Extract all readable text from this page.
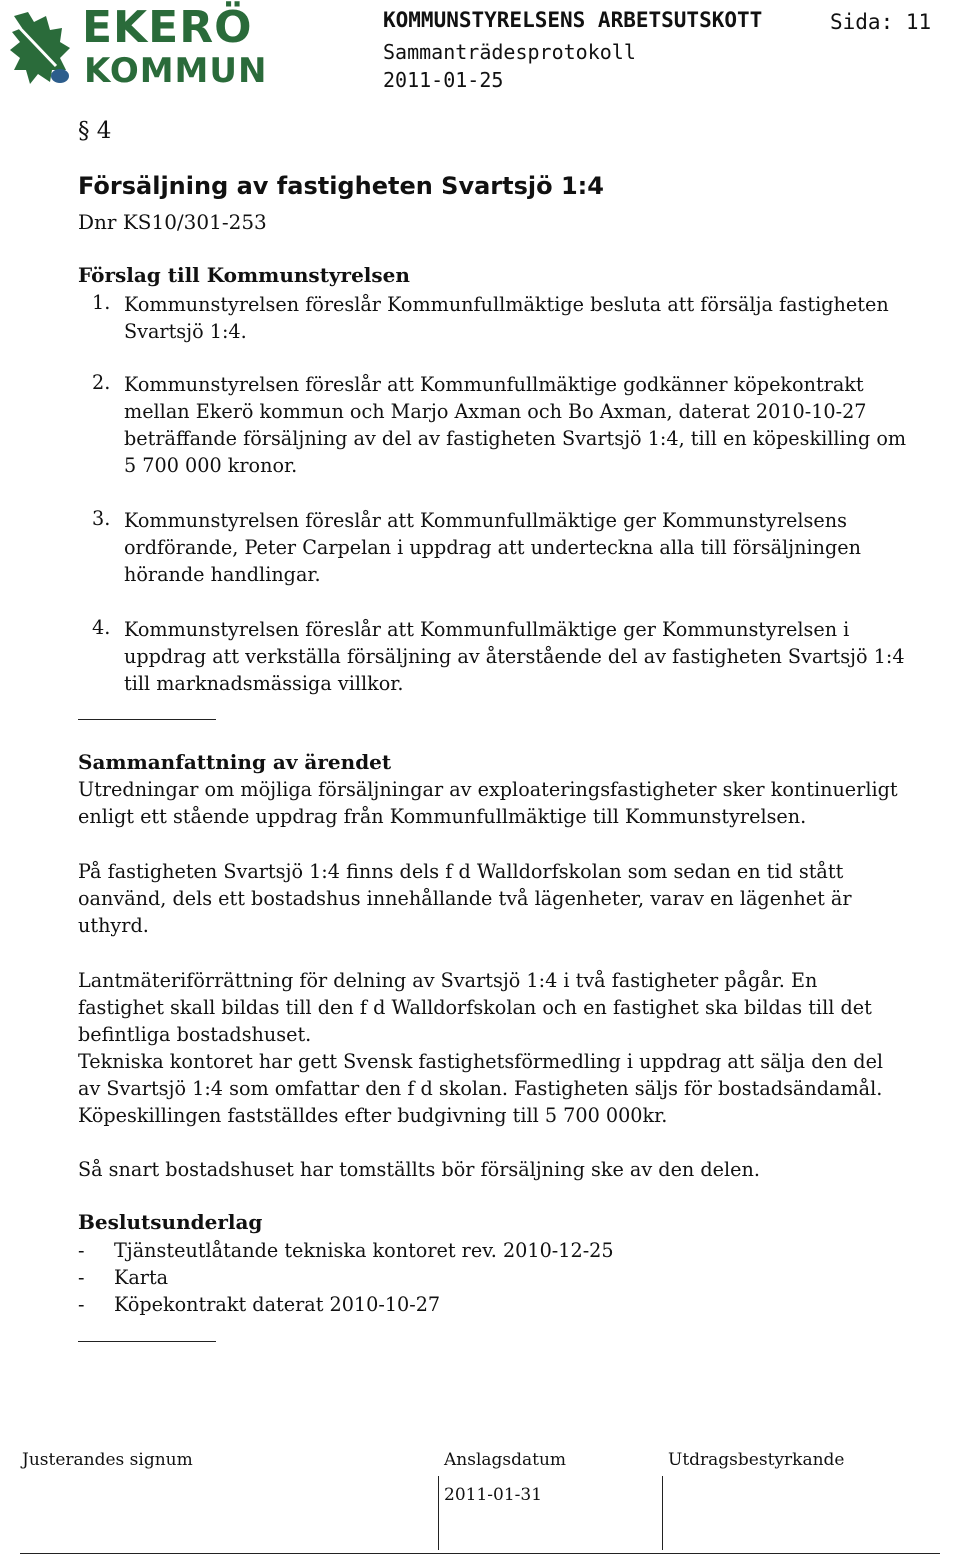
EKERÖ
KOMMUN
KOMMUNSTYRELSENS ARBETSUTSKOTT	Sida: 11
Sammanträdesprotokoll
2011-01-25
§ 4
Försäljning av fastigheten Svartsjö 1:4
Dnr KS10/301-253
Förslag till Kommunstyrelsen
1. Kommunstyrelsen föreslår Kommunfullmäktige besluta att försälja fastigheten
Svartsjö 1:4.
2. Kommunstyrelsen föreslår att Kommunfullmäktige godkänner köpekontrakt
mellan Ekerö kommun och Marjo Axman och Bo Axman, daterat 2010-10-27
beträffande försäljning av del av fastigheten Svartsjö 1:4, till en köpeskilling om
5 700 000 kronor.
3. Kommunstyrelsen föreslår att Kommunfullmäktige ger Kommunstyrelsens
ordförande, Peter Carpelan i uppdrag att underteckna alla till försäljningen
hörande handlingar.
4. Kommunstyrelsen föreslår att Kommunfullmäktige ger Kommunstyrelsen i
uppdrag att verkställa försäljning av återstående del av fastigheten Svartsjö 1:4
till marknadsmässiga villkor.
Sammanfattning av ärendet
Utredningar om möjliga försäljningar av exploateringsfastigheter sker kontinuerligt
enligt ett stående uppdrag från Kommunfullmäktige till Kommunstyrelsen.
På fastigheten Svartsjö 1:4 finns dels f d Walldorfskolan som sedan en tid stått
oanvänd, dels ett bostadshus innehållande två lägenheter, varav en lägenhet är
uthyrd.
Lantmäteriförrättning för delning av Svartsjö 1:4 i två fastigheter pågår. En
fastighet skall bildas till den f d Walldorfskolan och en fastighet ska bildas till det
befintliga bostadshuset.
Tekniska kontoret har gett Svensk fastighetsförmedling i uppdrag att sälja den del
av Svartsjö 1:4 som omfattar den f d skolan. Fastigheten säljs för bostadsändamål.
Köpeskillingen fastställdes efter budgivning till 5 700 000kr.
Så snart bostadshuset har tomställts bör försäljning ske av den delen.
Beslutsunderlag
- Tjänsteutlåtande tekniska kontoret rev. 2010-12-25
- Karta
- Köpekontrakt daterat 2010-10-27
Justerandes signum	Anslagsdatum
2011-01-31
Utdragsbestyrkande
